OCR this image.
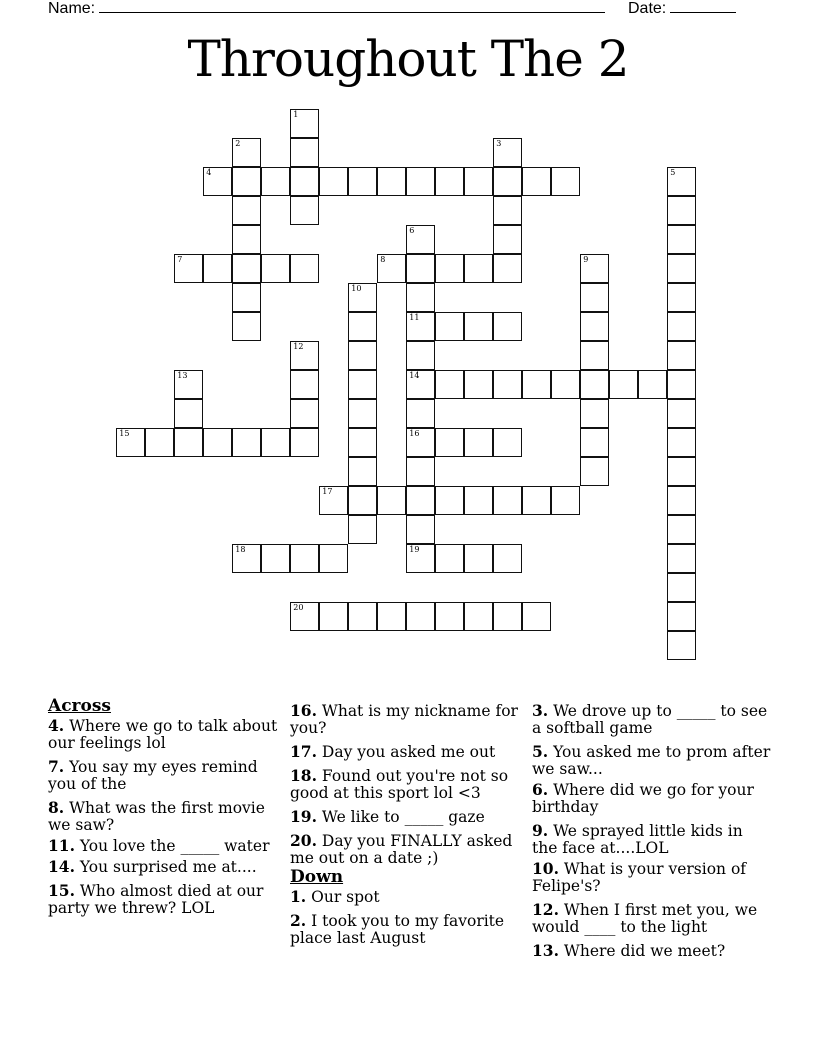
Name:	Date:
Throughout The 2
1
2	3
4	5
6
11
14
16
19
7	8	9
10
12
13
15
17
18
20
Across
4. Where we go to talk about our feelings lol
7. You say my eyes remind you of the
8. What was the first movie we saw?
11. You love the _____ water
14. You surprised me at....
15. Who almost died at our party we threw? LOL
16. What is my nickname for you?
17. Day you asked me out
18. Found out you're not so good at this sport lol <3
19. We like to _____ gaze
20. Day you FINALLY asked me out on a date ;)
Down
1. Our spot
2. I took you to my favorite place last August
3. We drove up to _____ to see a softball game
5. You asked me to prom after we saw...
6. Where did we go for your birthday
9. We sprayed little kids in the face at....LOL
10. What is your version of Felipe's?
12. When I first met you, we would ____ to the light
13. Where did we meet?
